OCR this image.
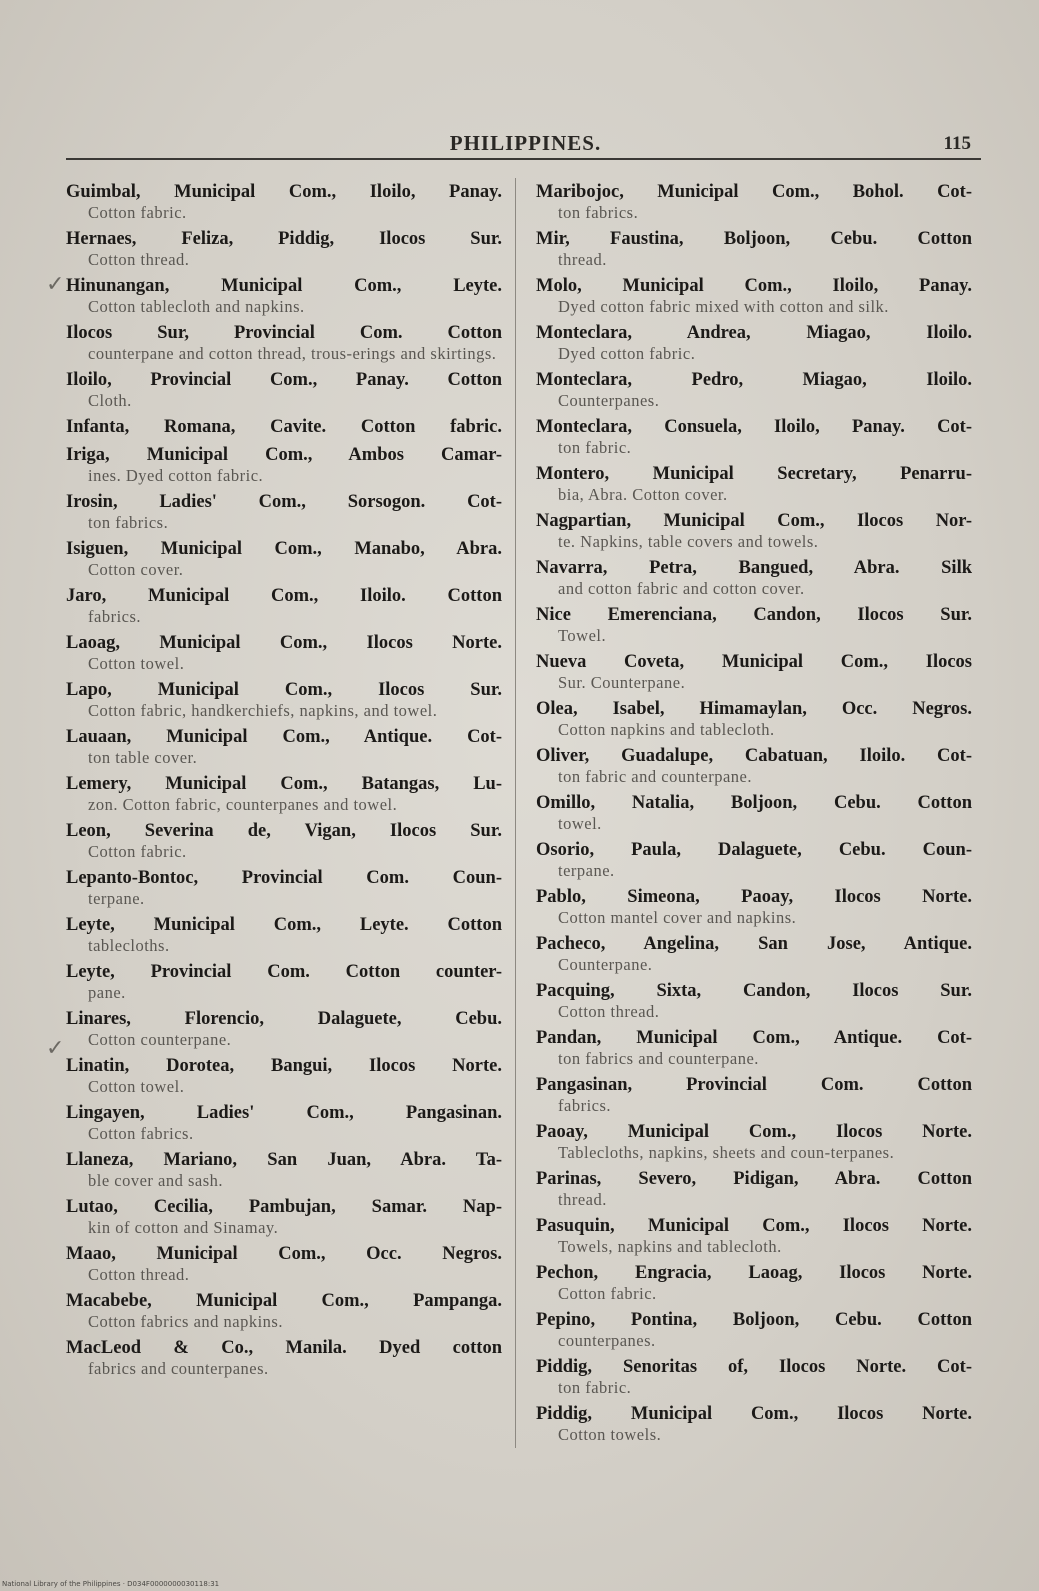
PHILIPPINES.	115
✓
✓
Guimbal, Municipal Com., Iloilo, Panay.
Cotton fabric.
Hernaes, Feliza, Piddig, Ilocos Sur.
Cotton thread.
Hinunangan, Municipal Com., Leyte.
Cotton tablecloth and napkins.
Ilocos Sur, Provincial Com. Cotton
counterpane and cotton thread, trous-erings and skirtings.
Iloilo, Provincial Com., Panay. Cotton
Cloth.
Infanta, Romana, Cavite. Cotton fabric.
Iriga, Municipal Com., Ambos Camar-
ines. Dyed cotton fabric.
Irosin, Ladies' Com., Sorsogon. Cot-
ton fabrics.
Isiguen, Municipal Com., Manabo, Abra.
Cotton cover.
Jaro, Municipal Com., Iloilo. Cotton
fabrics.
Laoag, Municipal Com., Ilocos Norte.
Cotton towel.
Lapo, Municipal Com., Ilocos Sur.
Cotton fabric, handkerchiefs, napkins, and towel.
Lauaan, Municipal Com., Antique. Cot-
ton table cover.
Lemery, Municipal Com., Batangas, Lu-
zon. Cotton fabric, counterpanes and towel.
Leon, Severina de, Vigan, Ilocos Sur.
Cotton fabric.
Lepanto-Bontoc, Provincial Com. Coun-
terpane.
Leyte, Municipal Com., Leyte. Cotton
tablecloths.
Leyte, Provincial Com. Cotton counter-
pane.
Linares, Florencio, Dalaguete, Cebu.
Cotton counterpane.
Linatin, Dorotea, Bangui, Ilocos Norte.
Cotton towel.
Lingayen, Ladies' Com., Pangasinan.
Cotton fabrics.
Llaneza, Mariano, San Juan, Abra. Ta-
ble cover and sash.
Lutao, Cecilia, Pambujan, Samar. Nap-
kin of cotton and Sinamay.
Maao, Municipal Com., Occ. Negros.
Cotton thread.
Macabebe, Municipal Com., Pampanga.
Cotton fabrics and napkins.
MacLeod & Co., Manila. Dyed cotton
fabrics and counterpanes.
Maribojoc, Municipal Com., Bohol. Cot-
ton fabrics.
Mir, Faustina, Boljoon, Cebu. Cotton
thread.
Molo, Municipal Com., Iloilo, Panay.
Dyed cotton fabric mixed with cotton and silk.
Monteclara, Andrea, Miagao, Iloilo.
Dyed cotton fabric.
Monteclara, Pedro, Miagao, Iloilo.
Counterpanes.
Monteclara, Consuela, Iloilo, Panay. Cot-
ton fabric.
Montero, Municipal Secretary, Penarru-
bia, Abra. Cotton cover.
Nagpartian, Municipal Com., Ilocos Nor-
te. Napkins, table covers and towels.
Navarra, Petra, Bangued, Abra. Silk
and cotton fabric and cotton cover.
Nice Emerenciana, Candon, Ilocos Sur.
Towel.
Nueva Coveta, Municipal Com., Ilocos
Sur. Counterpane.
Olea, Isabel, Himamaylan, Occ. Negros.
Cotton napkins and tablecloth.
Oliver, Guadalupe, Cabatuan, Iloilo. Cot-
ton fabric and counterpane.
Omillo, Natalia, Boljoon, Cebu. Cotton
towel.
Osorio, Paula, Dalaguete, Cebu. Coun-
terpane.
Pablo, Simeona, Paoay, Ilocos Norte.
Cotton mantel cover and napkins.
Pacheco, Angelina, San Jose, Antique.
Counterpane.
Pacquing, Sixta, Candon, Ilocos Sur.
Cotton thread.
Pandan, Municipal Com., Antique. Cot-
ton fabrics and counterpane.
Pangasinan, Provincial Com. Cotton
fabrics.
Paoay, Municipal Com., Ilocos Norte.
Tablecloths, napkins, sheets and coun-terpanes.
Parinas, Severo, Pidigan, Abra. Cotton
thread.
Pasuquin, Municipal Com., Ilocos Norte.
Towels, napkins and tablecloth.
Pechon, Engracia, Laoag, Ilocos Norte.
Cotton fabric.
Pepino, Pontina, Boljoon, Cebu. Cotton
counterpanes.
Piddig, Senoritas of, Ilocos Norte. Cot-
ton fabric.
Piddig, Municipal Com., Ilocos Norte.
Cotton towels.
National Library of the Philippines · D034F0000000030118:31
